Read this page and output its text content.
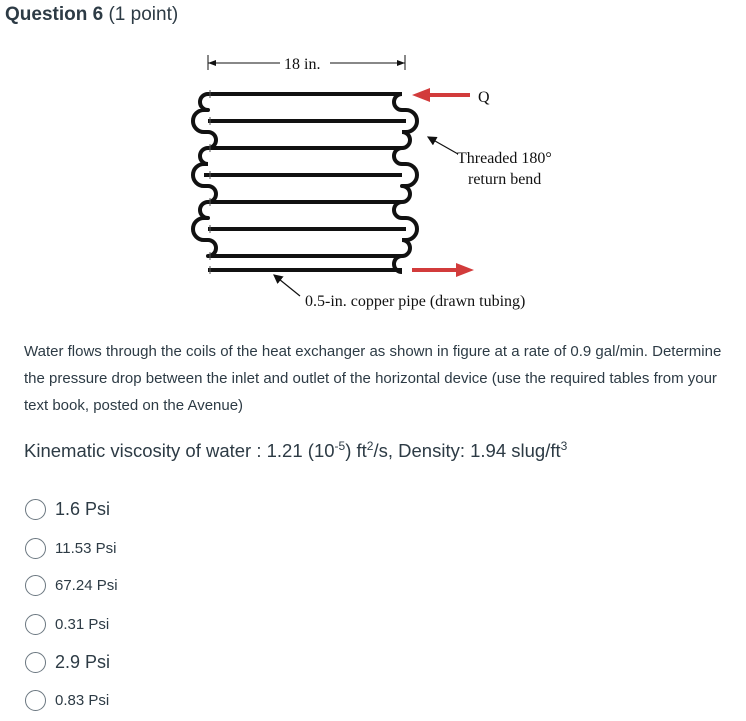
Question 6 (1 point)
18 in.
Q
Threaded 180°
return bend
0.5-in. copper pipe (drawn tubing)
Water flows through the coils of the heat exchanger as shown in figure at a rate of 0.9 gal/min. Determine the pressure drop between the inlet and outlet of the horizontal device (use the required tables from your text book, posted on the Avenue)
Kinematic viscosity of water : 1.21 $(10^{-5})$ $ft^2/s$, Density: 1.94 slug/$ft^3$
1.6 Psi
11.53 Psi
67.24 Psi
0.31 Psi
2.9 Psi
0.83 Psi
